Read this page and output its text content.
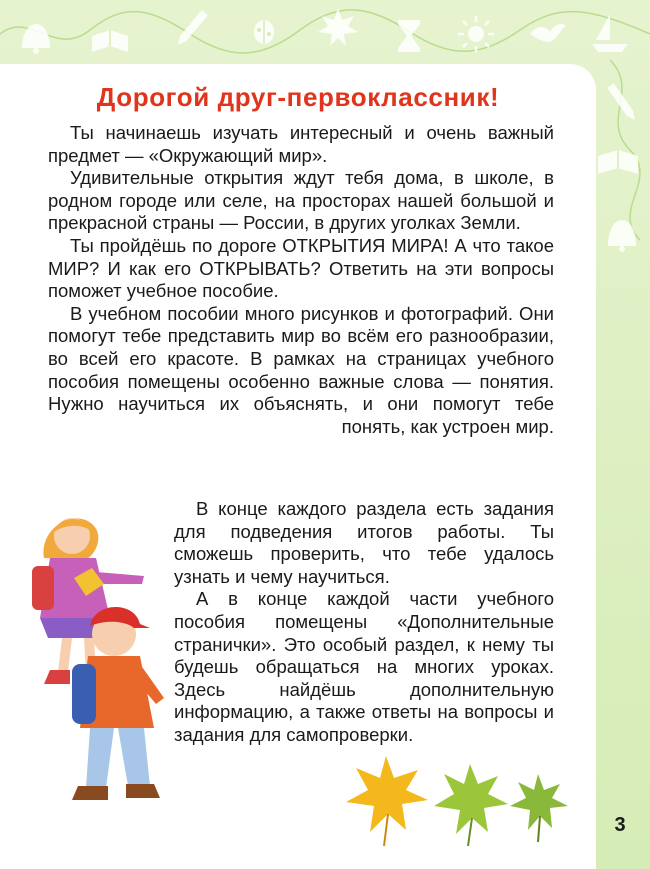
Дорогой друг-первоклассник!

Ты начинаешь изучать интересный и очень важный предмет — «Окружающий мир».

Удивительные открытия ждут тебя дома, в школе, в родном городе или селе, на просторах нашей большой и прекрасной страны — России, в других уголках Земли.

Ты пройдёшь по дороге ОТКРЫТИЯ МИРА! А что такое МИР? И как его ОТКРЫВАТЬ? Ответить на эти вопросы поможет учебное пособие.

В учебном пособии много рисунков и фотографий. Они помогут тебе представить мир во всём его разнообразии, во всей его красоте. В рамках на страницах учебного пособия помещены особенно важные слова — понятия. Нужно научиться их объяснять, и они помогут тебе понять, как устроен мир.

В конце каждого раздела есть задания для подведения итогов работы. Ты сможешь проверить, что тебе удалось узнать и чему научиться.

А в конце каждой части учебного пособия помещены «Дополнительные странички». Это особый раздел, к нему ты будешь обращаться на многих уроках. Здесь найдёшь дополнительную информацию, а также ответы на вопросы и задания для самопроверки.

3
